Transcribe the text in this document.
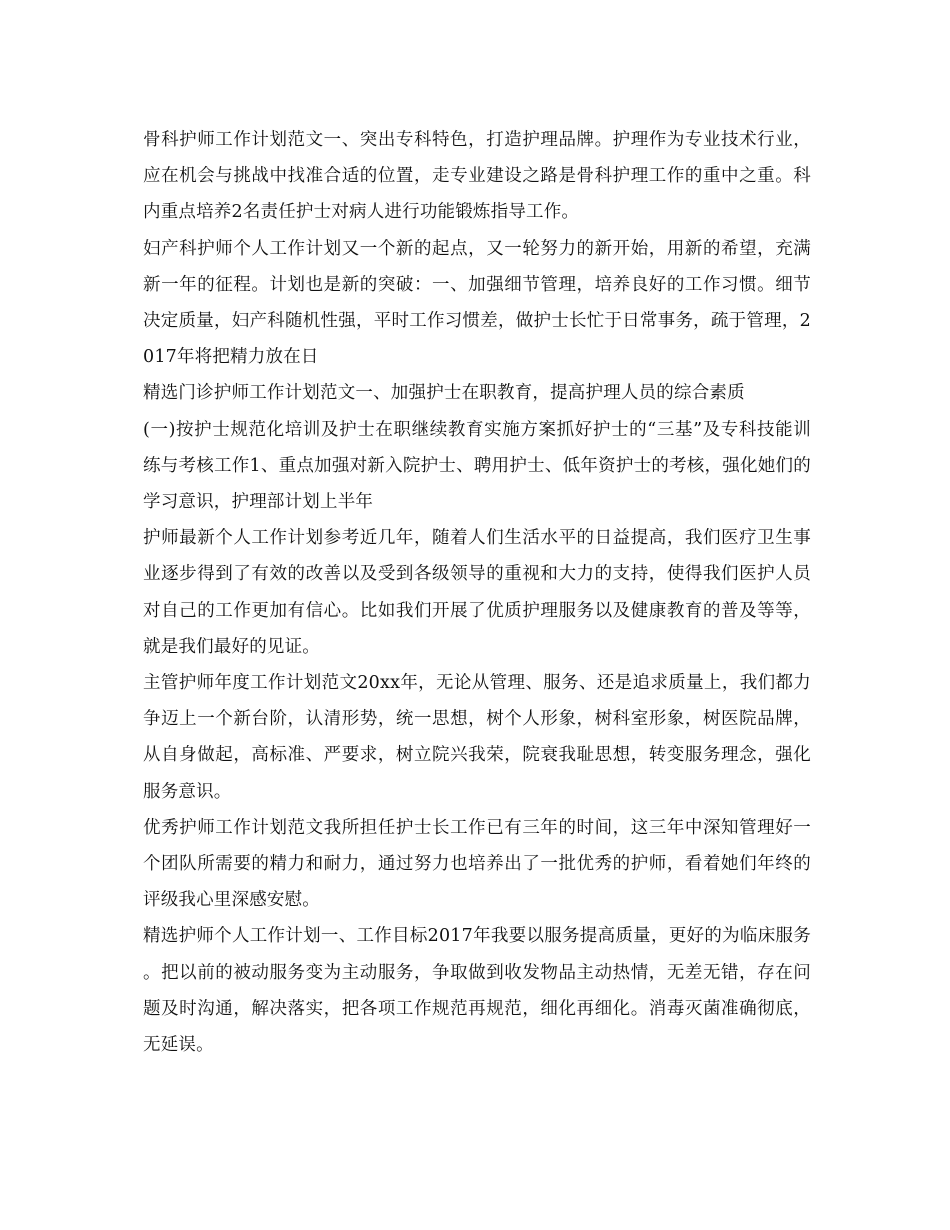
骨科护师工作计划范文一、突出专科特色，打造护理品牌。护理作为专业技术行业，应在机会与挑战中找准合适的位置，走专业建设之路是骨科护理工作的重中之重。科内重点培养2名责任护士对病人进行功能锻炼指导工作。

妇产科护师个人工作计划又一个新的起点，又一轮努力的新开始，用新的希望，充满新一年的征程。计划也是新的突破：一、加强细节管理，培养良好的工作习惯。细节决定质量，妇产科随机性强，平时工作习惯差，做护士长忙于日常事务，疏于管理，2017年将把精力放在日

精选门诊护师工作计划范文一、加强护士在职教育，提高护理人员的综合素质

(一)按护士规范化培训及护士在职继续教育实施方案抓好护士的“三基”及专科技能训练与考核工作1、重点加强对新入院护士、聘用护士、低年资护士的考核，强化她们的学习意识，护理部计划上半年

护师最新个人工作计划参考近几年，随着人们生活水平的日益提高，我们医疗卫生事业逐步得到了有效的改善以及受到各级领导的重视和大力的支持，使得我们医护人员对自己的工作更加有信心。比如我们开展了优质护理服务以及健康教育的普及等等，就是我们最好的见证。

主管护师年度工作计划范文20xx年，无论从管理、服务、还是追求质量上，我们都力争迈上一个新台阶，认清形势，统一思想，树个人形象，树科室形象，树医院品牌，从自身做起，高标准、严要求，树立院兴我荣，院衰我耻思想，转变服务理念，强化服务意识。

优秀护师工作计划范文我所担任护士长工作已有三年的时间，这三年中深知管理好一个团队所需要的精力和耐力，通过努力也培养出了一批优秀的护师，看着她们年终的评级我心里深感安慰。

精选护师个人工作计划一、工作目标2017年我要以服务提高质量，更好的为临床服务。把以前的被动服务变为主动服务，争取做到收发物品主动热情，无差无错，存在问题及时沟通，解决落实，把各项工作规范再规范，细化再细化。消毒灭菌准确彻底，无延误。
